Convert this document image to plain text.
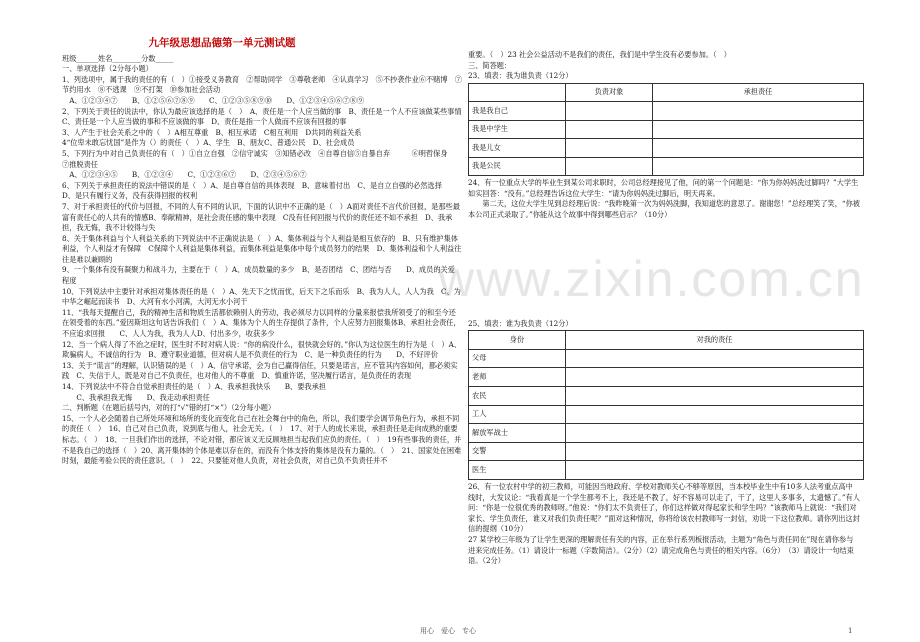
www.zixin.com.cn
九年级思想品德第一单元测试题
班级______姓名________分数_____
一、单项选择（2分每小题）
1、列选项中，属于我的责任的有（　）①接受义务教育　②帮助同学　③尊敬老师　④认真学习　⑤不抄袭作业⑥不赌博　⑦节约用水　⑧不逃课　⑨不打架　⑩参加社会活动
　A、①②③④⑦　　B、①②⑤⑥⑦⑧⑨　　C、①②③⑤⑧⑨⑩　　D、①②③④⑤⑥⑦⑧⑨
2、下列关于责任的说法中，你认为最应该选择的是（　）　A、责任是一个人应当做的事　B、责任是一个人不应该做某些事情　C、责任是一个人应当做的事和不应该做的事　D、责任是指一个人做而不应该有回报的事
3、人产生于社会关系之中的（　）A相互尊重　B、相互承诺　C相互利用　D共同的利益关系
4“位卑未敢忘忧国”是作为（）的责任（　）A、学生　B、朋友C、普通公民　D、社会成员
5、下列行为中对自己负责任的有（　）①自立自强　②信守诚实　③知错必改　④自尊自信⑤自暴自弃　　　⑥明哲保身　　⑦推脱责任
　A、①②③④⑤　　B、①②③④　　C、①②③⑥⑦　　D、②③④⑤⑥⑦
6、下列关于承担责任的说法中错误的是（　）A、是自尊自信的具体表现　B、意味着付出　C、是自立自强的必然选择　D、是只有履行义务，没有获得回报的权利
7、对于承担责任的代价与回报，不同的人有不同的认识，下面的认识中不正确的是（　）A面对责任不言代价回报，是那些最富有责任心的人共有的情感B、奉献精神，是社会责任感的集中表现　C没有任何回报与代价的责任还不如不承担　D、我承担，我无悔，我不计较得与失
8、关于集体利益与个人利益关系的下列说法中不正确说法是（　）A、集体利益与个人利益是相互依存的　B、只有维护集体利益，个人利益才有保障　C保障个人利益是集体利益，而集体利益是集体中每个成员努力的结果　D、集体利益和个人利益往往是难以兼顾的
9、一个集体有没有凝聚力和战斗力，主要在于（　）A、成员数量的多少　B、是否团结　C、团结与否　　D、成员的关爱程度
10、下列说法中主要针对承担对集体责任的是（　）A、先天下之忧而忧，后天下之乐而乐　B、我为人人，人人为我　C、为中华之崛起而读书　D、大河有水小河满，大河无水小河干
11、“我每天提醒自己，我的精神生活和物质生活都依赖别人的劳动，我必须尽力以同样的分量来报偿我所领受了的和至今还在领受着的东西。”爱因斯坦这句话告诉我们（　）A、集体为个人的生存提供了条件，个人应努力回报集体B、承担社会责任，不应追求回报　　C、人人为我，我为人人D、付出多少，收获多少
12、当一个病人得了不治之症时，医生时不时对病人说：“你的病没什么，很快就会好的。”你认为这位医生的行为是（　）A、欺骗病人，不诚信的行为　B、遵守职业道德，但对病人是不负责任的行为　C、是一种负责任的行为　　D、不好评价
13、关于“谎言”的理解，认识错误的是（　）A、信守承诺，会为自己赢得信任，只要是诺言，应不管其内容如何，都必须实践　C、失信于人，既是对自己不负责任，也对他人的不尊重　D、慎重许诺，坚决履行诺言，是负责任的表现
14、下列说法中不符合自觉承担责任的是（　）A、我承担我快乐　　B、要我承担
　　C、我承担我无悔　　D、我走动承担责任
二、判断题（在题后括号内，对的打“√”错的打“×”）（2分每小题）
15、一个人必会随着自己所处环境和场所的变化而变化自己在社会舞台中的角色，所以，我们要学会调节角色行为，承担不同的责任（　）　16、自己对自己负责，说到底与他人，社会无关。（　）　17、对于人的成长来说，承担责任是走向成熟的重要标志。（　）　18、一旦我们作出的选择，不论对错，都应该义无反顾地担当起我们应负的责任。（　）　19有些事我的责任，并不是我自己的选择（　）20、离开集体的个体是难以存在的，而没有个体支持的集体是没有力量的。（　）　21、国家处在困难时刻，最能考验公民的责任意识。（　）　22、只要能对他人负责，对社会负责，对自己负不负责任并不
重要。（　）23 社会公益活动不是我们的责任，我们是中学生没有必要参加。（　）
三、简答题：
23、填表：我为谁负责（12分）
	负责对象	承担责任
我是我自己		
我是中学生		
我是儿女		
我是公民		
24、有一位重点大学的毕业生到某公司求职时，公司总经理接见了他，问的第一个问题是：“你为你妈妈洗过脚吗？”大学生如实回答：“没有。”总经理告诉这位大学生：“请为你妈妈洗过脚后，明天再来。
　　第二天，这位大学生见到总经理后说：“我昨晚第一次为妈妈洗脚，我知道您的意思了。谢谢您！”总经理笑了笑，“你被本公司正式录取了。”你能从这个故事中得到哪些启示？（10分）
25、填表：谁为我负责（12分）
身份	对我的责任
父母	
老师	
农民	
工人	
解放军战士	
交警	
医生	
26、有一位农村中学的初三教师，可能因当地政府、学校对教师关心不够等原因，当本校毕业生中有10多人法考重点高中线时，大发议论：“我看真是一个学生都考不上，我还是不教了，好不容易可以走了，干了，这里人多事多，太遗憾了。”有人问：“你是一位很优秀的教师呀。”他说：“你们太不负责任了，你们这样做对得起家长和学生吗？”该教师马上就说：“我们对家长、学生负责任，谁又对我们负责任呢？”面对这种情况，你将给该农村教师写一封信，劝说一下这位教师。请你列出这封信的提纲（10分）
27 某学校三年级为了让学生更深的理解责任有关的内容，正在举行系列板报活动，主题为“角色与责任同在”现在请你参与进来完成任务。（1）请设计一标题（字数简洁）。（2分）（2）请完成角色与责任的相关内容。（6分）　（3）请设计一句结束语。（2分）
用心　爱心　专心	1
